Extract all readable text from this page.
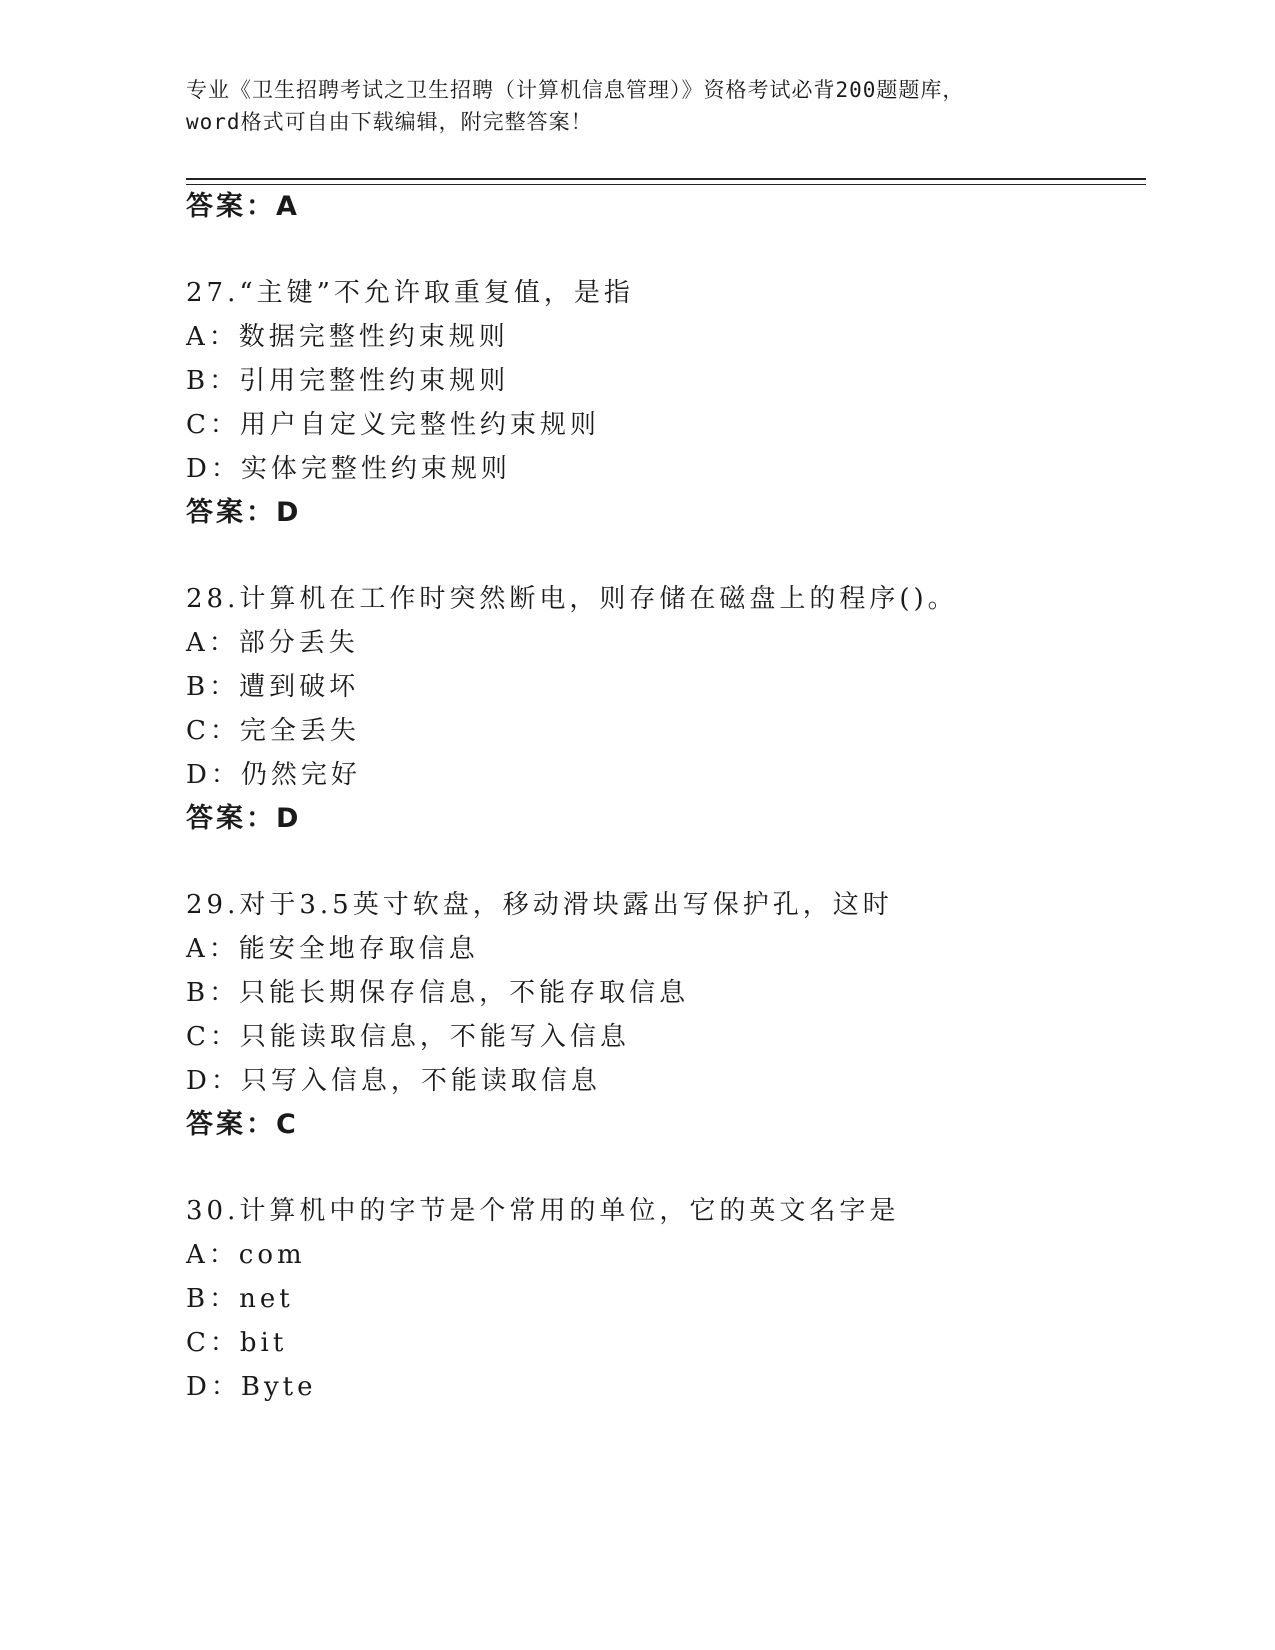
专业《卫生招聘考试之卫生招聘（计算机信息管理）》资格考试必背200题题库，
word格式可自由下载编辑，附完整答案！
答案：A
27.“主键”不允许取重复值，是指
A：数据完整性约束规则
B：引用完整性约束规则
C：用户自定义完整性约束规则
D：实体完整性约束规则
答案：D
28.计算机在工作时突然断电，则存储在磁盘上的程序()。
A：部分丢失
B：遭到破坏
C：完全丢失
D：仍然完好
答案：D
29.对于3.5英寸软盘，移动滑块露出写保护孔，这时
A：能安全地存取信息
B：只能长期保存信息，不能存取信息
C：只能读取信息，不能写入信息
D：只写入信息，不能读取信息
答案：C
30.计算机中的字节是个常用的单位，它的英文名字是
A：com
B：net
C：bit
D：Byte
